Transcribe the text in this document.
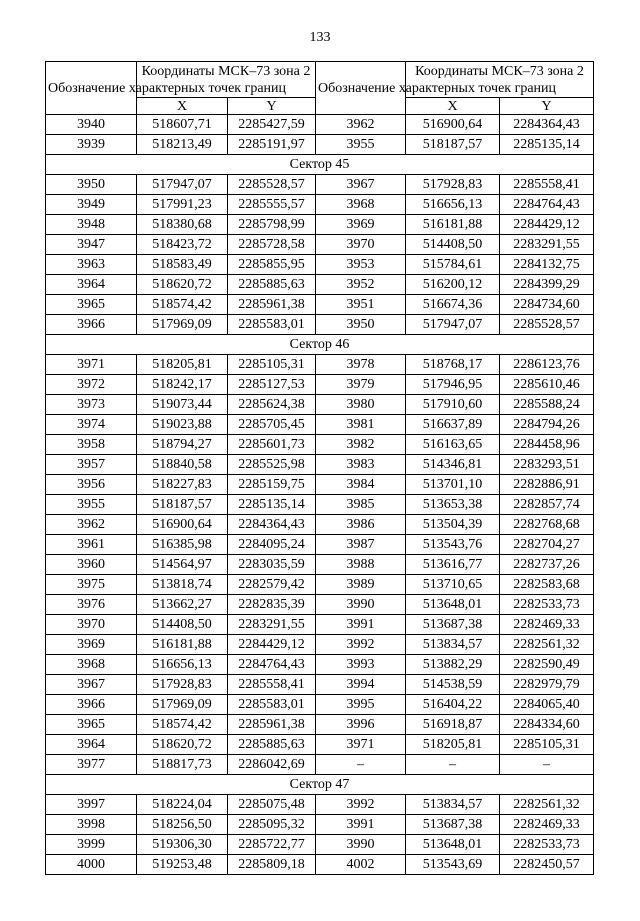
133
Обозначение характерных точек границ	Координаты МСК–73 зона 2		Обозначение характерных точек границ	Координаты МСК–73 зона 2	
	X	Y		X	Y
3940	518607,71	2285427,59	3962	516900,64	2284364,43
3939	518213,49	2285191,97	3955	518187,57	2285135,14
Сектор 45					
3950	517947,07	2285528,57	3967	517928,83	2285558,41
3949	517991,23	2285555,57	3968	516656,13	2284764,43
3948	518380,68	2285798,99	3969	516181,88	2284429,12
3947	518423,72	2285728,58	3970	514408,50	2283291,55
3963	518583,49	2285855,95	3953	515784,61	2284132,75
3964	518620,72	2285885,63	3952	516200,12	2284399,29
3965	518574,42	2285961,38	3951	516674,36	2284734,60
3966	517969,09	2285583,01	3950	517947,07	2285528,57
Сектор 46					
3971	518205,81	2285105,31	3978	518768,17	2286123,76
3972	518242,17	2285127,53	3979	517946,95	2285610,46
3973	519073,44	2285624,38	3980	517910,60	2285588,24
3974	519023,88	2285705,45	3981	516637,89	2284794,26
3958	518794,27	2285601,73	3982	516163,65	2284458,96
3957	518840,58	2285525,98	3983	514346,81	2283293,51
3956	518227,83	2285159,75	3984	513701,10	2282886,91
3955	518187,57	2285135,14	3985	513653,38	2282857,74
3962	516900,64	2284364,43	3986	513504,39	2282768,68
3961	516385,98	2284095,24	3987	513543,76	2282704,27
3960	514564,97	2283035,59	3988	513616,77	2282737,26
3975	513818,74	2282579,42	3989	513710,65	2282583,68
3976	513662,27	2282835,39	3990	513648,01	2282533,73
3970	514408,50	2283291,55	3991	513687,38	2282469,33
3969	516181,88	2284429,12	3992	513834,57	2282561,32
3968	516656,13	2284764,43	3993	513882,29	2282590,49
3967	517928,83	2285558,41	3994	514538,59	2282979,79
3966	517969,09	2285583,01	3995	516404,22	2284065,40
3965	518574,42	2285961,38	3996	516918,87	2284334,60
3964	518620,72	2285885,63	3971	518205,81	2285105,31
3977	518817,73	2286042,69	–	–	–
Сектор 47					
3997	518224,04	2285075,48	3992	513834,57	2282561,32
3998	518256,50	2285095,32	3991	513687,38	2282469,33
3999	519306,30	2285722,77	3990	513648,01	2282533,73
4000	519253,48	2285809,18	4002	513543,69	2282450,57
